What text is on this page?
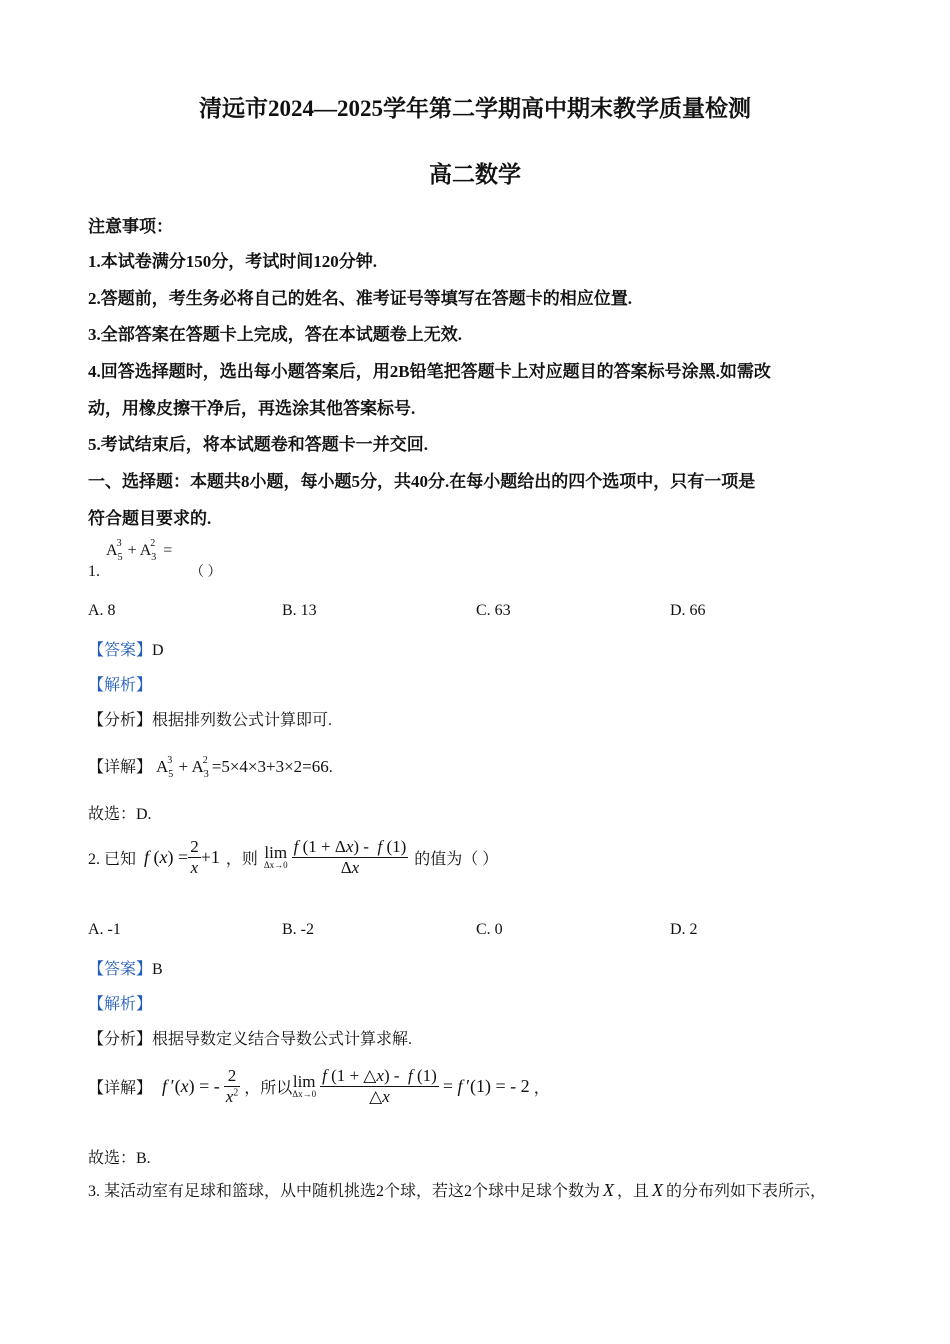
清远市2024—2025学年第二学期高中期末教学质量检测
高二数学
注意事项：
1.本试卷满分150分，考试时间120分钟.
2.答题前，考生务必将自己的姓名、准考证号等填写在答题卡的相应位置.
3.全部答案在答题卡上完成，答在本试题卷上无效.
4.回答选择题时，选出每小题答案后，用2B铅笔把答题卡上对应题目的答案标号涂黑.如需改
动，用橡皮擦干净后，再选涂其他答案标号.
5.考试结束后，将本试题卷和答题卡一并交回.
一、选择题：本题共8小题，每小题5分，共40分.在每小题给出的四个选项中，只有一项是
符合题目要求的.
$A_5^3 + A_3^2$ =
1.	（ ）
A. 8	B. 13	C. 63	D. 66
【答案】D
【解析】
【分析】根据排列数公式计算即可.
【详解】 $A_5^3 + A_3^2 =5\times 4\times 3+3\times 2=66$.
故选：D.
2. 已知 f ( x ) = $\frac{2}{x} +1$ ，则 lim
$\Delta x\to 0 \frac{f (1 + \Delta x) - f (1)}{\Delta x}$ 的值为（ ）
A. -1	B. -2	C. 0	D. 2
【答案】B
【解析】
【分析】根据导数定义结合导数公式计算求解.
【详解】 f  ′( x ) = - $\frac{2}{x^2}$ ，所以 lim
$\Delta x\to 0 \frac{f (1 + \triangle x) - f (1)}{\triangle x} = f$ ′(1) = - 2 ，
故选：B.
3. 某活动室有足球和篮球，从中随机挑选2个球，若这2个球中足球个数为 X ，且 X 的分布列如下表所示，
